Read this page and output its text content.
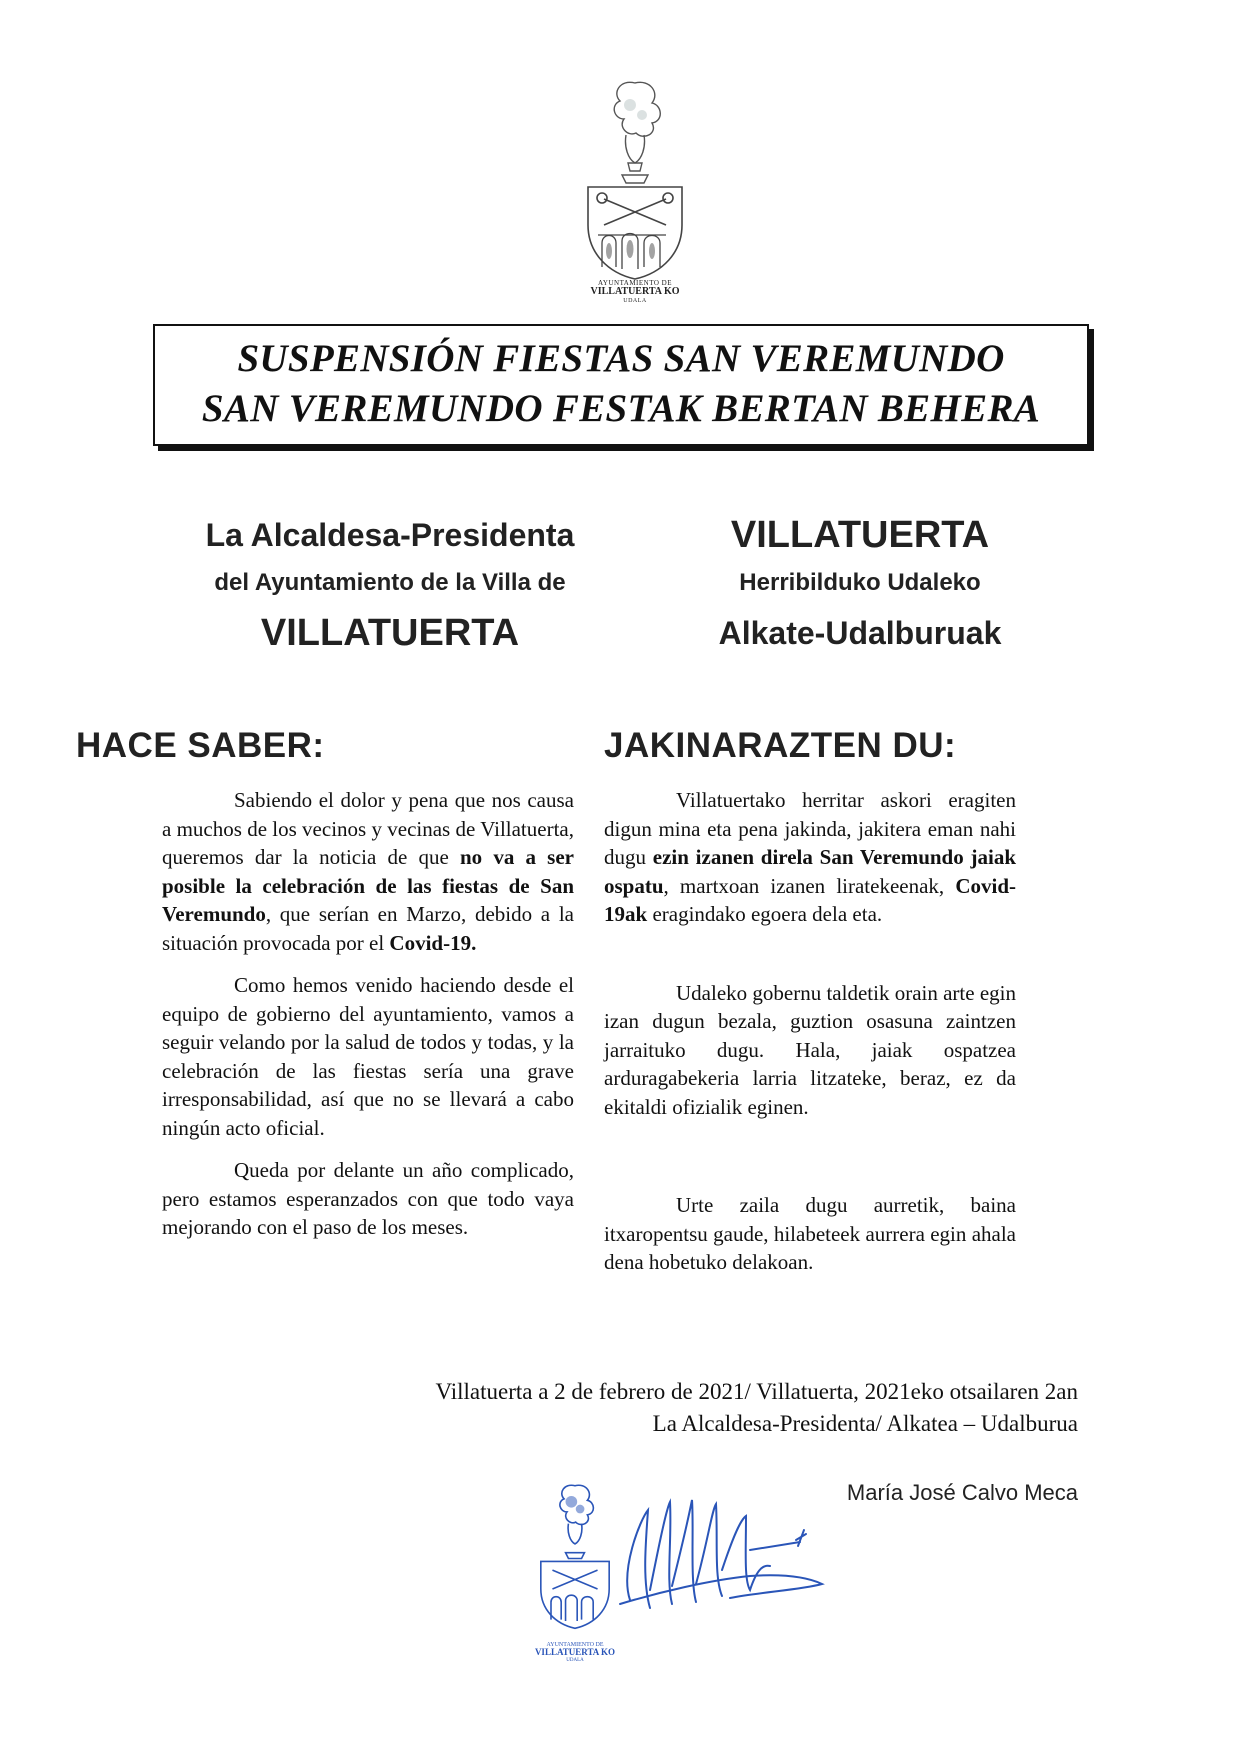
AYUNTAMIENTO DE
VILLATUERTA KO
UDALA
SUSPENSIÓN FIESTAS SAN VEREMUNDO
SAN VEREMUNDO FESTAK BERTAN BEHERA
La Alcaldesa-Presidenta
del Ayuntamiento de la Villa de
VILLATUERTA
VILLATUERTA
Herribilduko Udaleko
Alkate-Udalburuak
HACE SABER:	JAKINARAZTEN DU:

Sabiendo el dolor y pena que nos causa a muchos de los vecinos y vecinas de Villatuerta, queremos dar la noticia de que no va a ser posible la celebración de las fiestas de San Veremundo, que serían en Marzo, debido a la situación provocada por el Covid-19.

Como hemos venido haciendo desde el equipo de gobierno del ayuntamiento, vamos a seguir velando por la salud de todos y todas, y la celebración de las fiestas sería una grave irresponsabilidad, así que no se llevará a cabo ningún acto oficial.

Queda por delante un año complicado, pero estamos esperanzados con que todo vaya mejorando con el paso de los meses.

Villatuertako herritar askori eragiten digun mina eta pena jakinda, jakitera eman nahi dugu ezin izanen direla San Veremundo jaiak ospatu, martxoan izanen liratekeenak, Covid-19ak eragindako egoera dela eta.

Udaleko gobernu taldetik orain arte egin izan dugun bezala, guztion osasuna zaintzen jarraituko dugu. Hala, jaiak ospatzea arduragabekeria larria litzateke, beraz, ez da ekitaldi ofizialik eginen.

Urte zaila dugu aurretik, baina itxaropentsu gaude, hilabeteek aurrera egin ahala dena hobetuko delakoan.

Villatuerta a 2 de febrero de 2021/ Villatuerta, 2021eko otsailaren 2an
La Alcaldesa-Presidenta/ Alkatea – Udalburua
María José Calvo Meca
AYUNTAMIENTO DE
VILLATUERTA KO
UDALA
